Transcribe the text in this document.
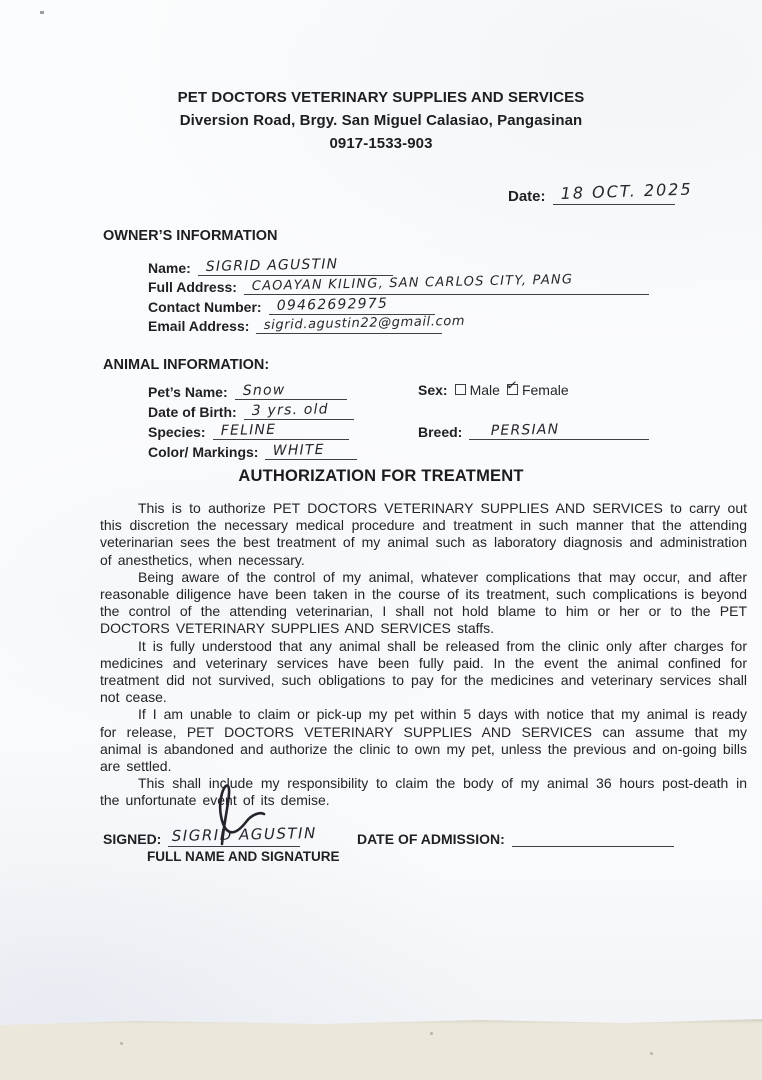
PET DOCTORS VETERINARY SUPPLIES AND SERVICES
Diversion Road, Brgy. San Miguel Calasiao, Pangasinan
0917-1533-903
Date: 18 OCT. 2025
OWNER’S INFORMATION
Name: SIGRID AGUSTIN
Full Address: CAOAYAN KILING, SAN CARLOS CITY, PANG
Contact Number: 09462692975
Email Address: sigrid.agustin22@gmail.com
ANIMAL INFORMATION:
Pet’s Name: Snow
Date of Birth: 3 yrs. old
Species: FELINE
Color/ Markings: WHITE
Sex: Male ✓ Female
Breed: PERSIAN
AUTHORIZATION FOR TREATMENT

This is to authorize PET DOCTORS VETERINARY SUPPLIES AND SERVICES to carry out this discretion the necessary medical procedure and treatment in such manner that the attending veterinarian sees the best treatment of my animal such as laboratory diagnosis and administration of anesthetics, when necessary.

Being aware of the control of my animal, whatever complications that may occur, and after reasonable diligence have been taken in the course of its treatment, such complications is beyond the control of the attending veterinarian, I shall not hold blame to him or her or to the PET DOCTORS VETERINARY SUPPLIES AND SERVICES staffs.

It is fully understood that any animal shall be released from the clinic only after charges for medicines and veterinary services have been fully paid. In the event the animal confined for treatment did not survived, such obligations to pay for the medicines and veterinary services shall not cease.

If I am unable to claim or pick-up my pet within 5 days with notice that my animal is ready for release, PET DOCTORS VETERINARY SUPPLIES AND SERVICES can assume that my animal is abandoned and authorize the clinic to own my pet, unless the previous and on-going bills are settled.

This shall include my responsibility to claim the body of my animal 36 hours post-death in the unfortunate event of its demise.

SIGNED: SIGRID AGUSTIN
FULL NAME AND SIGNATURE
DATE OF ADMISSION:
